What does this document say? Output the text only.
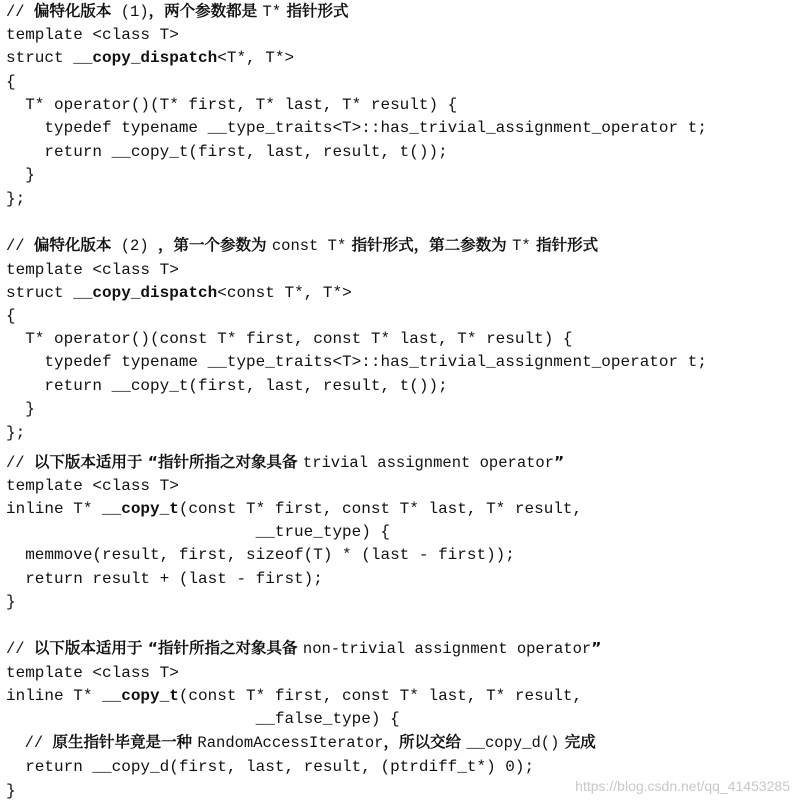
// 偏特化版本 (1)，两个参数都是 T* 指针形式
template <class T>
struct __copy_dispatch<T*, T*>
{
T* operator()(T* first, T* last, T* result) {
typedef typename __type_traits<T>::has_trivial_assignment_operator t;
return __copy_t(first, last, result, t());
}
};
// 偏特化版本 (2) ，第一个参数为 const T* 指针形式，第二参数为 T* 指针形式
template <class T>
struct __copy_dispatch<const T*, T*>
{
T* operator()(const T* first, const T* last, T* result) {
typedef typename __type_traits<T>::has_trivial_assignment_operator t;
return __copy_t(first, last, result, t());
}
};
// 以下版本适用于 “指针所指之对象具备 trivial assignment operator”
template <class T>
inline T* __copy_t(const T* first, const T* last, T* result,
__true_type) {
memmove(result, first, sizeof(T) * (last - first));
return result + (last - first);
}
// 以下版本适用于 “指针所指之对象具备 non-trivial assignment operator”
template <class T>
inline T* __copy_t(const T* first, const T* last, T* result,
__false_type) {
// 原生指针毕竟是一种 RandomAccessIterator，所以交给 __copy_d() 完成
return __copy_d(first, last, result, (ptrdiff_t*) 0);
}	https://blog.csdn.net/qq_41453285
